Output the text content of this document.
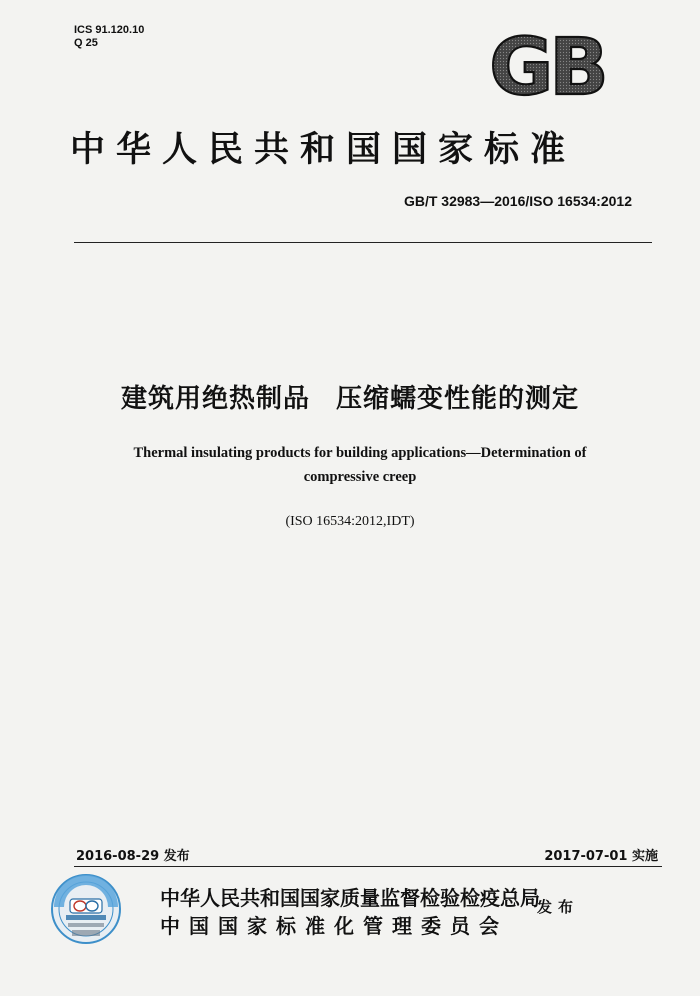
ICS 91.120.10
Q 25	GB
中华人民共和国国家标准
GB/T 32983—2016/ISO 16534:2012
建筑用绝热制品 压缩蠕变性能的测定
Thermal insulating products for building applications—Determination of
compressive creep
(ISO 16534:2012,IDT)
2016-08-29 发布	2017-07-01 实施
中华人民共和国国家质量监督检验检疫总局
中国国家标准化管理委员会
发布
